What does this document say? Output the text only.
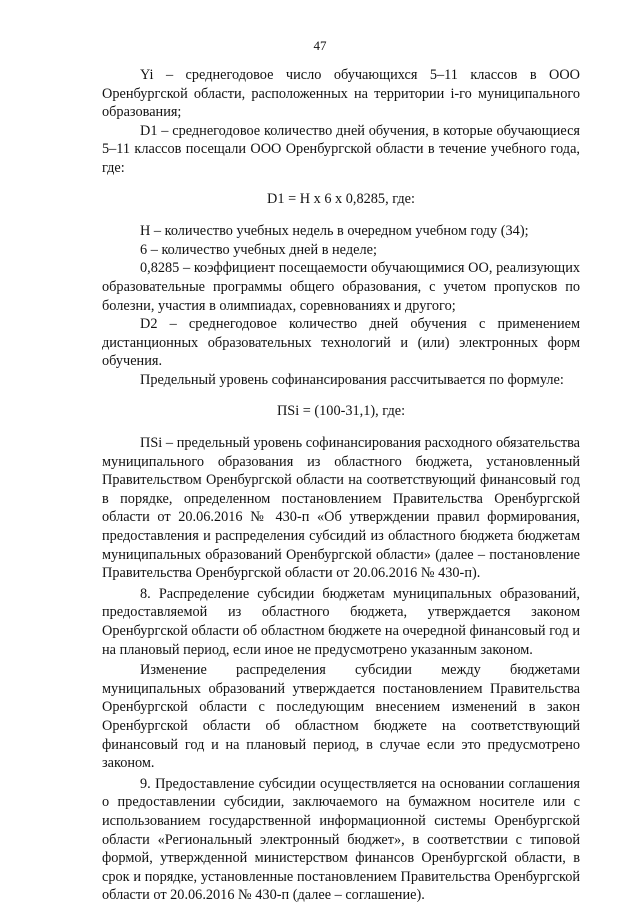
47

Yi – среднегодовое число обучающихся 5–11 классов в ООО Оренбургской области, расположенных на территории i-го муниципального образования;

D1 – среднегодовое количество дней обучения, в которые обучающиеся 5–11 классов посещали ООО Оренбургской области в течение учебного года, где:

D1 = Н х 6 х 0,8285, где:

Н – количество учебных недель в очередном учебном году (34);

6 – количество учебных дней в неделе;

0,8285 – коэффициент посещаемости обучающимися ОО, реализующих образовательные программы общего образования, с учетом пропусков по болезни, участия в олимпиадах, соревнованиях и другого;

D2 – среднегодовое количество дней обучения с применением дистанционных образовательных технологий и (или) электронных форм обучения.

Предельный уровень софинансирования рассчитывается по формуле:

ПSi = (100-31,1), где:

ПSi – предельный уровень софинансирования расходного обязательства муниципального образования из областного бюджета, установленный Правительством Оренбургской области на соответствующий финансовый год в порядке, определенном постановлением Правительства Оренбургской области от 20.06.2016 № 430-п «Об утверждении правил формирования, предоставления и распределения субсидий из областного бюджета бюджетам муниципальных образований Оренбургской области» (далее – постановление Правительства Оренбургской области от 20.06.2016 № 430-п).

8. Распределение субсидии бюджетам муниципальных образований, предоставляемой из областного бюджета, утверждается законом Оренбургской области об областном бюджете на очередной финансовый год и на плановый период, если иное не предусмотрено указанным законом.

Изменение распределения субсидии между бюджетами муниципальных образований утверждается постановлением Правительства Оренбургской области с последующим внесением изменений в закон Оренбургской области об областном бюджете на соответствующий финансовый год и на плановый период, в случае если это предусмотрено законом.

9. Предоставление субсидии осуществляется на основании соглашения о предоставлении субсидии, заключаемого на бумажном носителе или с использованием государственной информационной системы Оренбургской области «Региональный электронный бюджет», в соответствии с типовой формой, утвержденной министерством финансов Оренбургской области, в срок и порядке, установленные постановлением Правительства Оренбургской области от 20.06.2016 № 430-п (далее – соглашение).
